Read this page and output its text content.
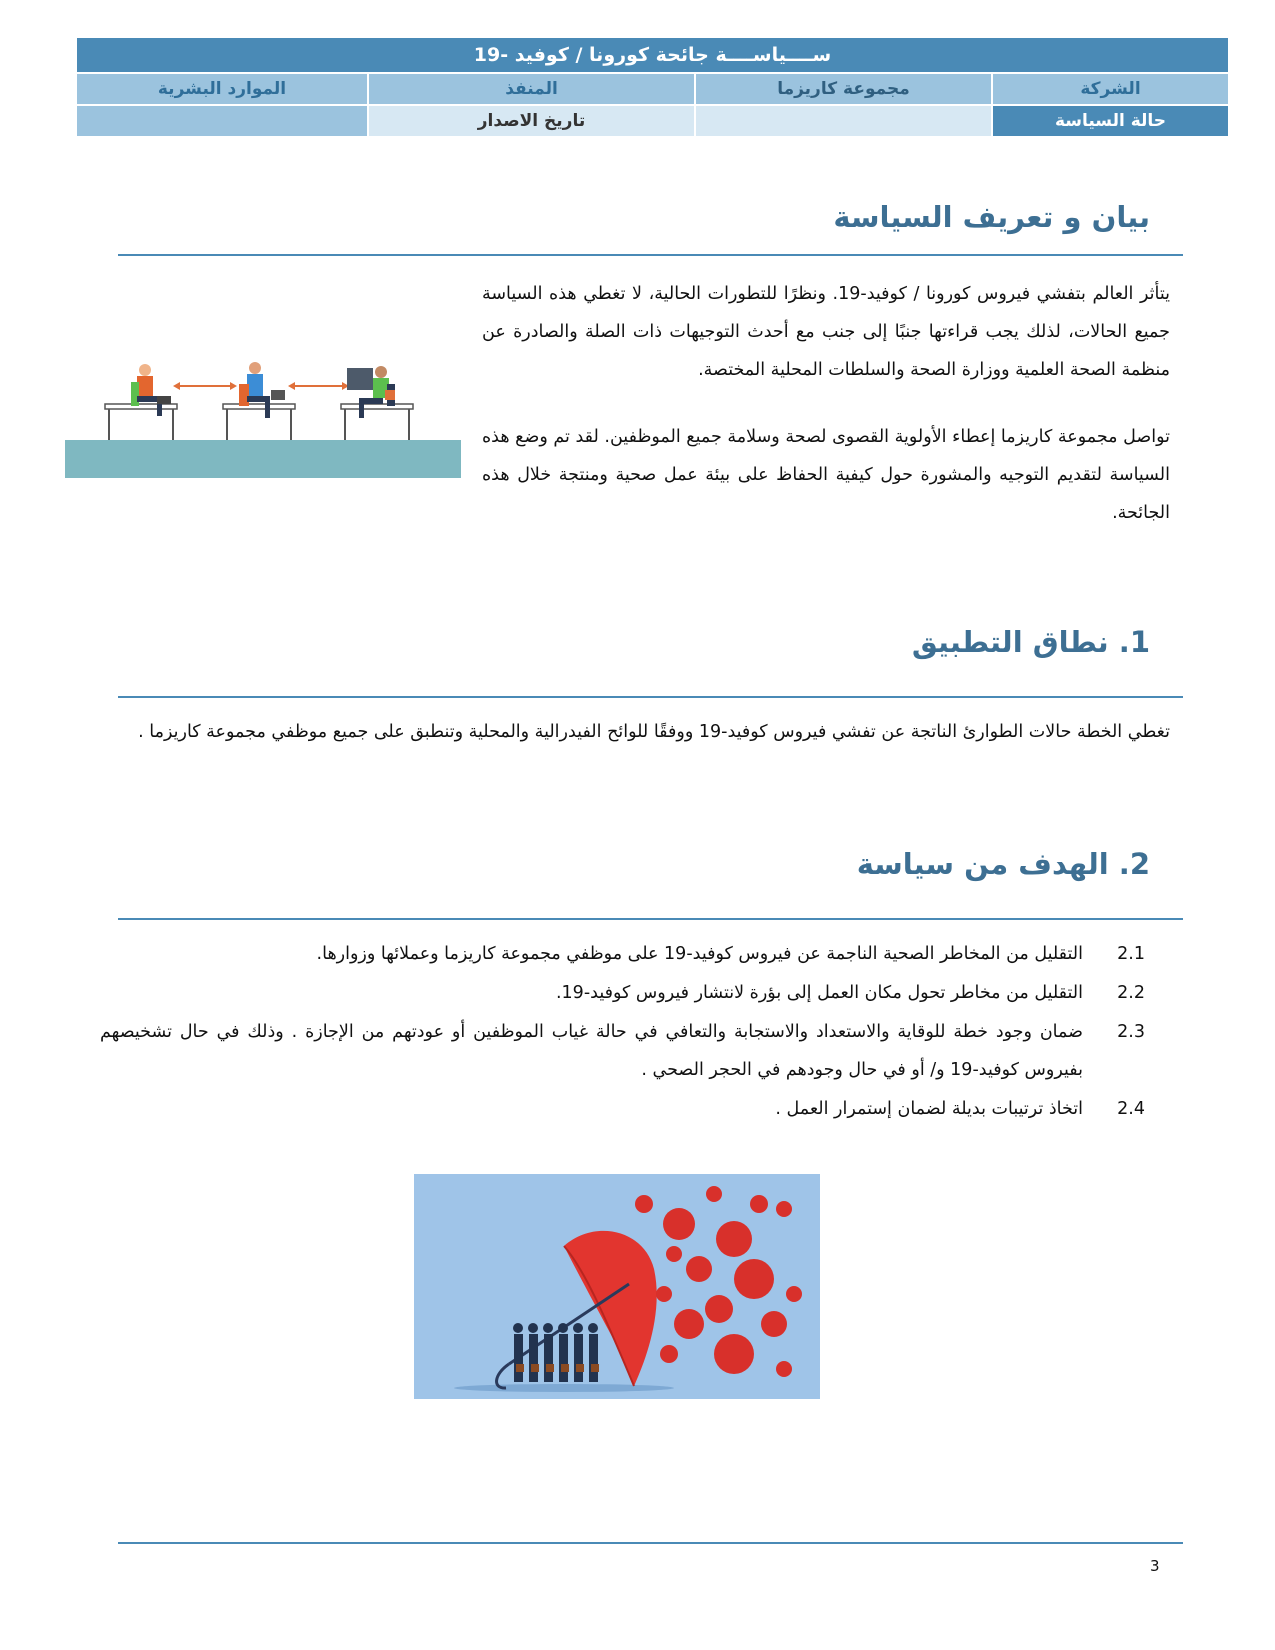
ســــياســــة جائحة كورونا / كوفيد -19
الشركة
مجموعة كاريزما
المنفذ
الموارد البشرية
حالة السياسة
تاريخ الاصدار
بيان و تعريف السياسة
يتأثر العالم بتفشي فيروس كورونا / كوفيد-19. ونظرًا للتطورات الحالية، لا تغطي هذه السياسة جميع الحالات، لذلك يجب قراءتها جنبًا إلى جنب مع أحدث التوجيهات ذات الصلة والصادرة عن منظمة الصحة العلمية ووزارة الصحة والسلطات المحلية المختصة.
تواصل مجموعة كاريزما إعطاء الأولوية القصوى لصحة وسلامة جميع الموظفين. لقد تم وضع هذه السياسة لتقديم التوجيه والمشورة حول كيفية الحفاظ على بيئة عمل صحية ومنتجة خلال هذه الجائحة.
1. نطاق التطبيق
تغطي الخطة حالات الطوارئ الناتجة عن تفشي فيروس كوفيد-19 ووفقًا للوائح الفيدرالية والمحلية وتنطبق على جميع موظفي مجموعة كاريزما .
2. الهدف من سياسة
2.1
التقليل من المخاطر الصحية الناجمة عن فيروس كوفيد-19 على موظفي مجموعة كاريزما وعملائها وزوارها.
2.2
التقليل من مخاطر تحول مكان العمل إلى بؤرة لانتشار فيروس كوفيد-19.
2.3
ضمان وجود خطة للوقاية والاستعداد والاستجابة والتعافي في حالة غياب الموظفين أو عودتهم من الإجازة . وذلك في حال تشخيصهم بفيروس كوفيد-19 و/ أو في حال وجودهم في الحجر الصحي .
2.4
اتخاذ ترتيبات بديلة لضمان إستمرار العمل .
3
